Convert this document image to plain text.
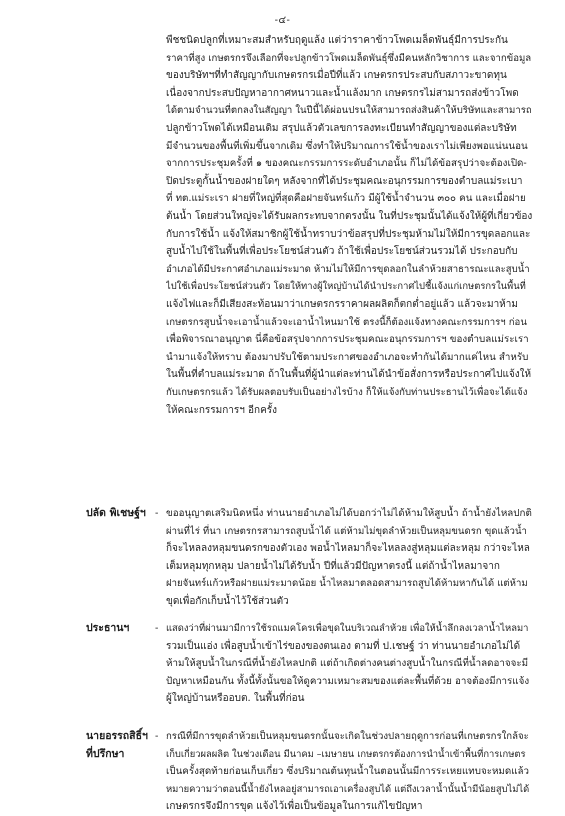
-๔-
พืชชนิดปลูกที่เหมาะสมสำหรับฤดูแล้ง แต่ว่าราคาข้าวโพดเมล็ดพันธุ์มีการประกัน
ราคาที่สูง เกษตรกรจึงเลือกที่จะปลูกข้าวโพดเมล็ดพันธุ์ซึ่งมีคนหลักวิชาการ และจากข้อมูล
ของบริษัทฯที่ทำสัญญากับเกษตรกรเมื่อปีที่แล้ว เกษตรกรประสบกับสภาวะขาดทุน
เนื่องจากประสบปัญหาอากาศหนาวและน้ำแล้งมาก เกษตรกรไม่สามารถส่งข้าวโพด
ได้ตามจำนวนที่ตกลงในสัญญา ในปีนี้ได้ผ่อนปรนให้สามารถส่งสินค้าให้บริษัทและสามารถ
ปลูกข้าวโพดได้เหมือนเดิม สรุปแล้วตัวเลขการลงทะเบียนทำสัญญาของแต่ละบริษัท
มีจำนวนของพื้นที่เพิ่มขึ้นจากเดิม ซึ่งทำให้ปริมาณการใช้น้ำของเราไม่เพียงพอแน่นนอน
จากการประชุมครั้งที่ ๑ ของคณะกรรมการระดับอำเภอนั้น ก็ไม่ได้ข้อสรุปว่าจะต้องเปิด-
ปิดประตูกั้นน้ำของฝายใดๆ หลังจากที่ได้ประชุมคณะอนุกรรมการของตำบลแม่ระเบา
ที่ ทต.แม่ระเรา ฝายที่ใหญ่ที่สุดคือฝายจันทร์แก้ว มีผู้ใช้น้ำจำนวน ๓๐๐ คน และเมื่อฝาย
ต้นน้ำ โดยส่วนใหญ่จะได้รับผลกระทบจากตรงนั้น ในที่ประชุมนั้นได้แจ้งให้ผู้ที่เกี่ยวข้อง
กับการใช้น้ำ แจ้งให้สมาชิกผู้ใช้น้ำทราบว่าข้อสรุปที่ประชุมห้ามไม่ให้มีการขุดลอกและ
สูบน้ำไปใช้ในพื้นที่เพื่อประโยชน์ส่วนตัว ถ้าใช้เพื่อประโยชน์ส่วนรวมได้ ประกอบกับ
อำเภอได้มีประกาศอำเภอแม่ระมาด ห้ามไม่ให้มีการขุดลอกในลำห้วยสาธารณะและสูบน้ำ
ไปใช้เพื่อประโยชน์ส่วนตัว โดยให้ทางผู้ใหญ่บ้านได้นำประกาศไปชี้แจ้งแก่เกษตรกรในพื้นที่
แจ้งไฟและก็มีเสียงสะท้อนมาว่าเกษตรกรราคาผลผลิตก็ตกต่ำอยู่แล้ว แล้วจะมาห้าม
เกษตรกรสูบน้ำจะเอาน้ำแล้วจะเอาน้ำไหนมาใช้ ตรงนี้ก็ต้องแจ้งทางคณะกรรมการฯ ก่อน
เพื่อพิจารณาอนุญาต นี่คือข้อสรุปจากการประชุมคณะอนุกรรมการฯ ของตำบลแม่ระเรา
นำมาแจ้งให้ทราบ ต้องมาปรับใช้ตามประกาศของอำเภอจะทำกันได้มากแค่ไหน สำหรับ
ในพื้นที่ตำบลแม่ระมาด ถ้าในพื้นที่ผู้นำแต่ละท่านได้นำข้อสั่งการหรือประกาศไปแจ้งให้
กับเกษตรกรแล้ว ได้รับผลตอบรับเป็นอย่างไรบ้าง ก็ให้แจ้งกับท่านประธานไว้เพื่อจะได้แจ้ง
ให้คณะกรรมการฯ อีกครั้ง
ปลัด พิเชษฐ์ฯ - ขออนุญาตเสริมนิดหนึ่ง ท่านนายอำเภอไม่ได้บอกว่าไม่ได้ห้ามให้สูบน้ำ ถ้าน้ำยังไหลปกติ
ผ่านที่ไร่ ที่นา เกษตรกรสามารถสูบน้ำได้ แต่ห้ามไม่ขุดลำห้วยเป็นหลุมขนดรก ขุดแล้วน้ำ
ก็จะไหลลงหลุมขนดรกของตัวเอง พอน้ำไหลมาก็จะไหลลงสู่หลุมแต่ละหลุม กว่าจะไหล
เต็มหลุมทุกหลุม ปลายน้ำไม่ได้รับน้ำ ปีที่แล้วมีปัญหาตรงนี้ แต่ถ้าน้ำไหลมาจาก
ฝายจันทร์แก้วหรือฝายแม่ระมาดน้อย น้ำไหลมาตลอดสามารถสูบได้ห้ามหากันได้ แต่ห้าม
ขุดเพื่อกักเก็บน้ำไว้ใช้ส่วนตัว
ประธานฯ	- แสดงว่าที่ผ่านมามีการใช้รถแมคโครเพื่อขุดในบริเวณลำห้วย เพื่อให้น้ำลึกลงเวลาน้ำไหลมา
รวมเป็นแอ่ง เพื่อสูบน้ำเข้าไร่ของของตนเอง ตามที่ ป.เชษฐ์ ว่า ท่านนายอำเภอไม่ได้
ห้ามให้สูบน้ำในกรณีที่น้ำยังไหลปกติ แต่ถ้าเกิดต่างคนต่างสูบน้ำในกรณีที่น้ำลดอาจจะมี
ปัญหาเหมือนกัน ทั้งนี้ทั้งนั้นขอให้ดูความเหมาะสมของแต่ละพื้นที่ด้วย อาจต้องมีการแจ้ง
ผู้ใหญ่บ้านหรืออบต. ในพื้นที่ก่อน
นายอรรถสิธิ์ฯ
ที่ปรึกษา
- กรณีที่มีการขุดลำห้วยเป็นหลุมขนดรกนั้นจะเกิดในช่วงปลายฤดูการก่อนที่เกษตรกรใกล้จะ
เก็บเกี่ยวผลผลิต ในช่วงเดือน มีนาคม –เมษายน เกษตรกรต้องการนำน้ำเข้าพื้นที่การเกษตร
เป็นครั้งสุดท้ายก่อนเก็บเกี่ยว ซึ่งปริมาณต้นทุนน้ำในตอนนั้นมีการระเหยแทบจะหมดแล้ว
หมายความว่าตอนนี้น้ำยังไหลอยู่สามารถเอาเครื่องสูบได้ แต่ถึงเวลาน้ำนั้นน้ำมีน้อยสูบไม่ได้
เกษตรกรจึงมีการขุด แจ้งไว้เพื่อเป็นข้อมูลในการแก้ไขปัญหา
